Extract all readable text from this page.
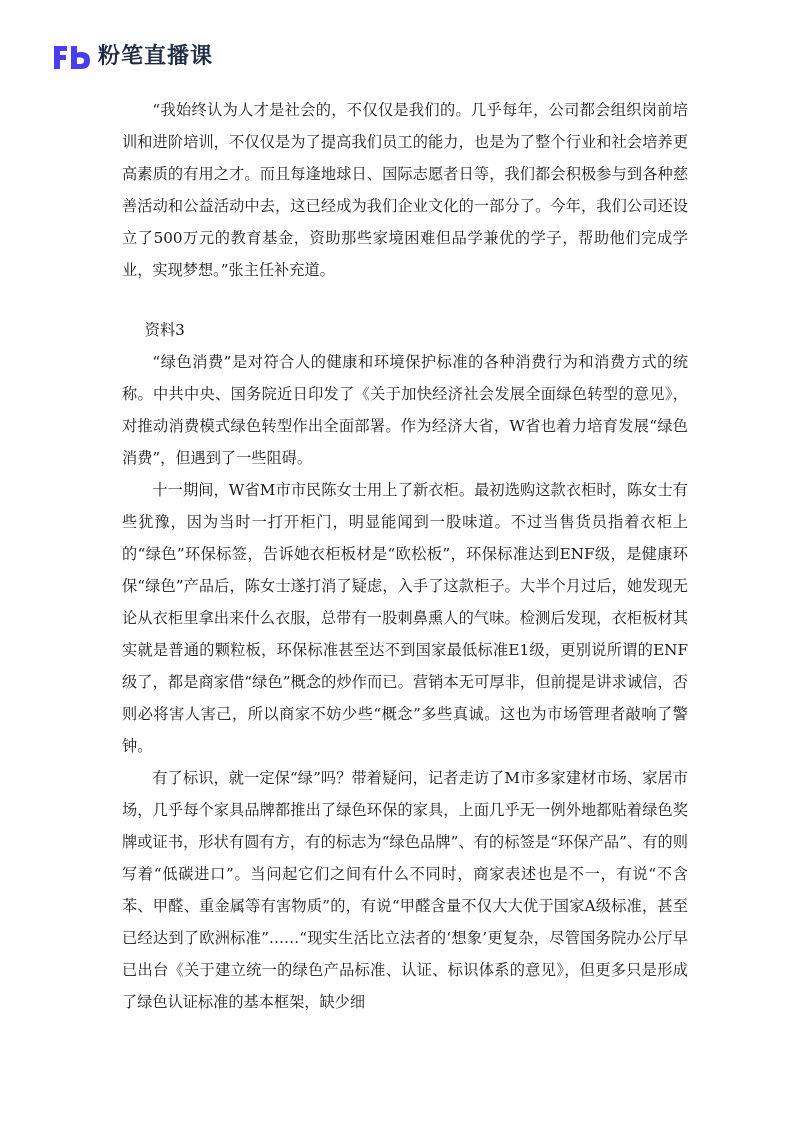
粉笔直播课

“我始终认为人才是社会的，不仅仅是我们的。几乎每年，公司都会组织岗前培训和进阶培训，不仅仅是为了提高我们员工的能力，也是为了整个行业和社会培养更高素质的有用之才。而且每逢地球日、国际志愿者日等，我们都会积极参与到各种慈善活动和公益活动中去，这已经成为我们企业文化的一部分了。今年，我们公司还设立了500万元的教育基金，资助那些家境困难但品学兼优的学子，帮助他们完成学业，实现梦想。”张主任补充道。

资料3

“绿色消费”是对符合人的健康和环境保护标准的各种消费行为和消费方式的统称。中共中央、国务院近日印发了《关于加快经济社会发展全面绿色转型的意见》，对推动消费模式绿色转型作出全面部署。作为经济大省，W省也着力培育发展“绿色消费”，但遇到了一些阻碍。

十一期间，W省M市市民陈女士用上了新衣柜。最初选购这款衣柜时，陈女士有些犹豫，因为当时一打开柜门，明显能闻到一股味道。不过当售货员指着衣柜上的“绿色”环保标签，告诉她衣柜板材是“欧松板”，环保标准达到ENF级，是健康环保“绿色”产品后，陈女士遂打消了疑虑，入手了这款柜子。大半个月过后，她发现无论从衣柜里拿出来什么衣服，总带有一股刺鼻熏人的气味。检测后发现，衣柜板材其实就是普通的颗粒板，环保标准甚至达不到国家最低标准E1级，更别说所谓的ENF级了，都是商家借“绿色”概念的炒作而已。营销本无可厚非，但前提是讲求诚信，否则必将害人害己，所以商家不妨少些“概念”多些真诚。这也为市场管理者敲响了警钟。

有了标识，就一定保“绿”吗？带着疑问，记者走访了M市多家建材市场、家居市场，几乎每个家具品牌都推出了绿色环保的家具，上面几乎无一例外地都贴着绿色奖牌或证书，形状有圆有方，有的标志为“绿色品牌”、有的标签是“环保产品”、有的则写着“低碳进口”。当问起它们之间有什么不同时，商家表述也是不一，有说“不含苯、甲醛、重金属等有害物质”的，有说“甲醛含量不仅大大优于国家A级标准，甚至已经达到了欧洲标准”……“现实生活比立法者的‘想象’更复杂，尽管国务院办公厅早已出台《关于建立统一的绿色产品标准、认证、标识体系的意见》，但更多只是形成了绿色认证标准的基本框架，缺少细
